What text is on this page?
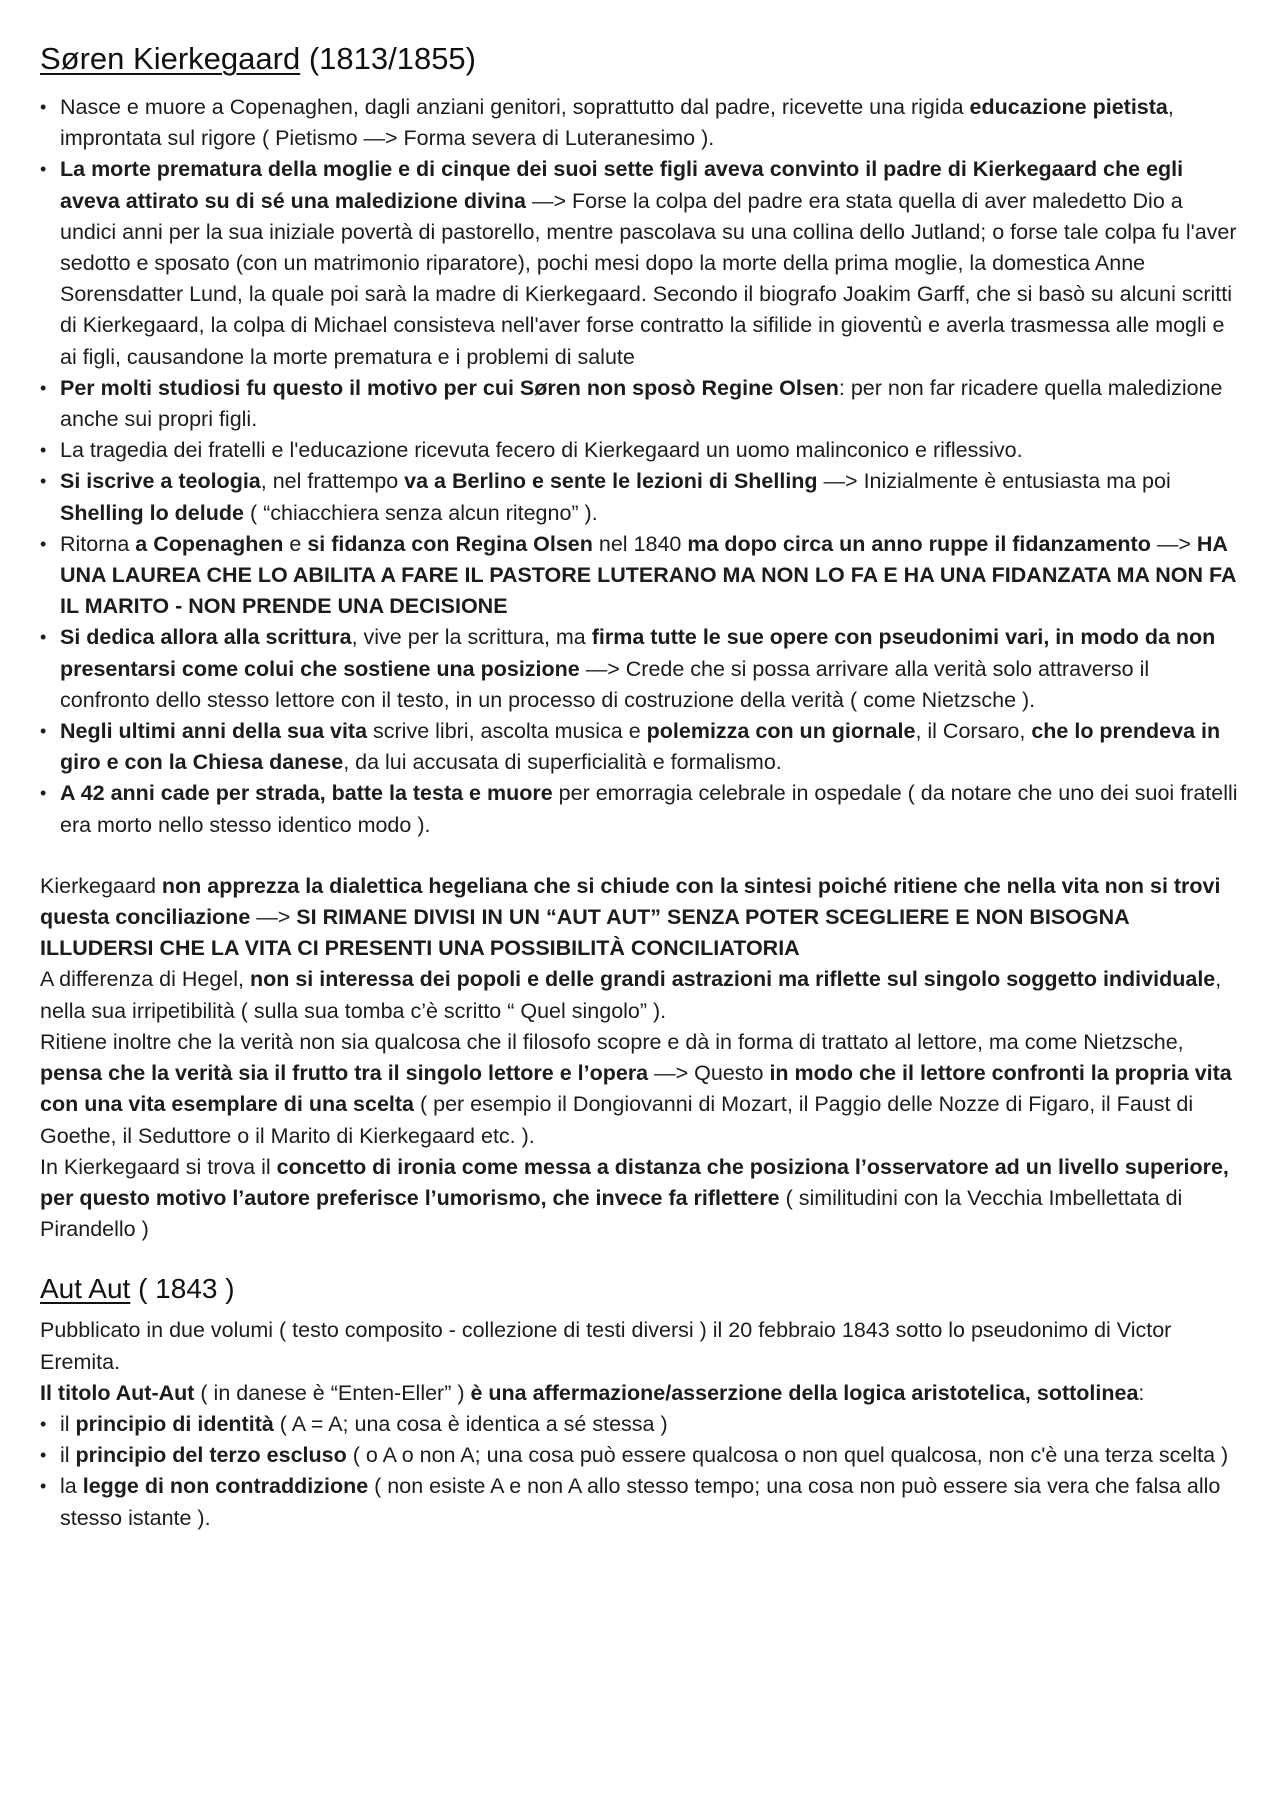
Søren Kierkegaard (1813/1855)
• Nasce e muore a Copenaghen, dagli anziani genitori, soprattutto dal padre, ricevette una rigida educazione pietista, improntata sul rigore ( Pietismo —> Forma severa di Luteranesimo ).
• La morte prematura della moglie e di cinque dei suoi sette figli aveva convinto il padre di Kierkegaard che egli aveva attirato su di sé una maledizione divina —> Forse la colpa del padre era stata quella di aver maledetto Dio a undici anni per la sua iniziale povertà di pastorello, mentre pascolava su una collina dello Jutland; o forse tale colpa fu l'aver sedotto e sposato (con un matrimonio riparatore), pochi mesi dopo la morte della prima moglie, la domestica Anne Sorensdatter Lund, la quale poi sarà la madre di Kierkegaard. Secondo il biografo Joakim Garff, che si basò su alcuni scritti di Kierkegaard, la colpa di Michael consisteva nell'aver forse contratto la sifilide in gioventù e averla trasmessa alle mogli e ai figli, causandone la morte prematura e i problemi di salute
• Per molti studiosi fu questo il motivo per cui Søren non sposò Regine Olsen: per non far ricadere quella maledizione anche sui propri figli.
• La tragedia dei fratelli e l'educazione ricevuta fecero di Kierkegaard un uomo malinconico e riflessivo.
• Si iscrive a teologia, nel frattempo va a Berlino e sente le lezioni di Shelling —> Inizialmente è entusiasta ma poi Shelling lo delude ( “chiacchiera senza alcun ritegno” ).
• Ritorna a Copenaghen e si fidanza con Regina Olsen nel 1840 ma dopo circa un anno ruppe il fidanzamento —> HA UNA LAUREA CHE LO ABILITA A FARE IL PASTORE LUTERANO MA NON LO FA E HA UNA FIDANZATA MA NON FA IL MARITO - NON PRENDE UNA DECISIONE
• Si dedica allora alla scrittura, vive per la scrittura, ma firma tutte le sue opere con pseudonimi vari, in modo da non presentarsi come colui che sostiene una posizione —> Crede che si possa arrivare alla verità solo attraverso il confronto dello stesso lettore con il testo, in un processo di costruzione della verità ( come Nietzsche ).
• Negli ultimi anni della sua vita scrive libri, ascolta musica e polemizza con un giornale, il Corsaro, che lo prendeva in giro e con la Chiesa danese, da lui accusata di superficialità e formalismo.
• A 42 anni cade per strada, batte la testa e muore per emorragia celebrale in ospedale ( da notare che uno dei suoi fratelli era morto nello stesso identico modo ).

Kierkegaard non apprezza la dialettica hegeliana che si chiude con la sintesi poiché ritiene che nella vita non si trovi questa conciliazione —> SI RIMANE DIVISI IN UN “AUT AUT” SENZA POTER SCEGLIERE E NON BISOGNA ILLUDERSI CHE LA VITA CI PRESENTI UNA POSSIBILITÀ CONCILIATORIA

A differenza di Hegel, non si interessa dei popoli e delle grandi astrazioni ma riflette sul singolo soggetto individuale, nella sua irripetibilità ( sulla sua tomba c’è scritto “ Quel singolo” ).

Ritiene inoltre che la verità non sia qualcosa che il filosofo scopre e dà in forma di trattato al lettore, ma come Nietzsche, pensa che la verità sia il frutto tra il singolo lettore e l’opera —> Questo in modo che il lettore confronti la propria vita con una vita esemplare di una scelta ( per esempio il Dongiovanni di Mozart, il Paggio delle Nozze di Figaro, il Faust di Goethe, il Seduttore o il Marito di Kierkegaard etc. ).

In Kierkegaard si trova il concetto di ironia come messa a distanza che posiziona l’osservatore ad un livello superiore, per questo motivo l’autore preferisce l’umorismo, che invece fa riflettere ( similitudini con la Vecchia Imbellettata di Pirandello )

Aut Aut ( 1843 )

Pubblicato in due volumi ( testo composito - collezione di testi diversi ) il 20 febbraio 1843 sotto lo pseudonimo di Victor Eremita.

Il titolo Aut-Aut ( in danese è “Enten-Eller” ) è una affermazione/asserzione della logica aristotelica, sottolinea:

• il principio di identità ( A = A; una cosa è identica a sé stessa )
• il principio del terzo escluso ( o A o non A; una cosa può essere qualcosa o non quel qualcosa, non c'è una terza scelta )
• la legge di non contraddizione ( non esiste A e non A allo stesso tempo; una cosa non può essere sia vera che falsa allo stesso istante ).
